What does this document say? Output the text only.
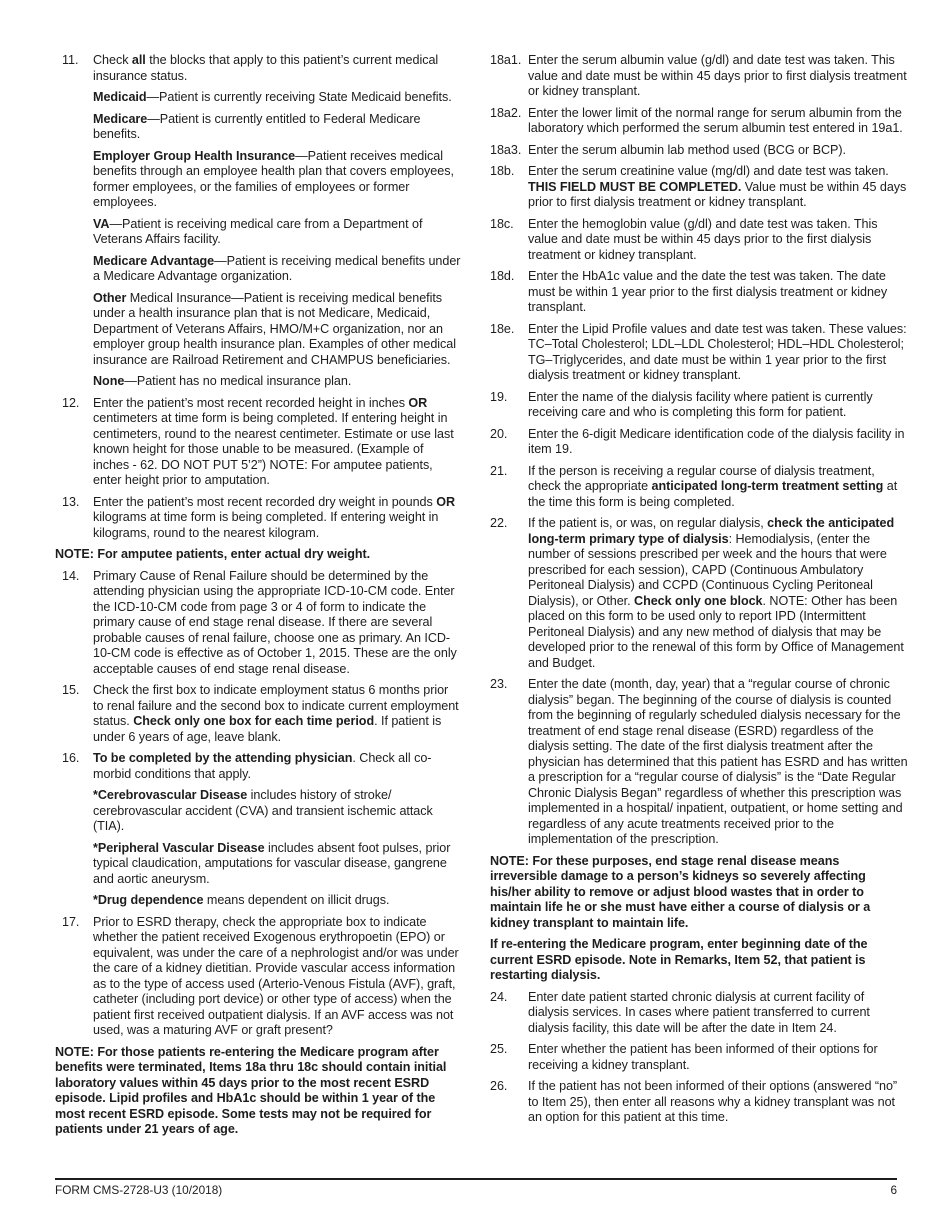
11. Check all the blocks that apply to this patient’s current medical insurance status.
Medicaid—Patient is currently receiving State Medicaid benefits.
Medicare—Patient is currently entitled to Federal Medicare benefits.
Employer Group Health Insurance—Patient receives medical benefits through an employee health plan that covers employees, former employees, or the families of employees or former employees.
VA—Patient is receiving medical care from a Department of Veterans Affairs facility.
Medicare Advantage—Patient is receiving medical benefits under a Medicare Advantage organization.
Other Medical Insurance—Patient is receiving medical benefits under a health insurance plan that is not Medicare, Medicaid, Department of Veterans Affairs, HMO/M+C organization, nor an employer group health insurance plan. Examples of other medical insurance are Railroad Retirement and CHAMPUS beneficiaries.
None—Patient has no medical insurance plan.
12. Enter the patient’s most recent recorded height in inches OR centimeters at time form is being completed. If entering height in centimeters, round to the nearest centimeter. Estimate or use last known height for those unable to be measured. (Example of inches - 62. DO NOT PUT 5’2”) NOTE: For amputee patients, enter height prior to amputation.
13. Enter the patient’s most recent recorded dry weight in pounds OR kilograms at time form is being completed. If entering weight in kilograms, round to the nearest kilogram.
NOTE: For amputee patients, enter actual dry weight.
14. Primary Cause of Renal Failure should be determined by the attending physician using the appropriate ICD-10-CM code. Enter the ICD-10-CM code from page 3 or 4 of form to indicate the primary cause of end stage renal disease. If there are several probable causes of renal failure, choose one as primary. An ICD-10-CM code is effective as of October 1, 2015. These are the only acceptable causes of end stage renal disease.
15. Check the first box to indicate employment status 6 months prior to renal failure and the second box to indicate current employment status. Check only one box for each time period. If patient is under 6 years of age, leave blank.
16. To be completed by the attending physician. Check all co-morbid conditions that apply.
*Cerebrovascular Disease includes history of stroke/ cerebrovascular accident (CVA) and transient ischemic attack (TIA).
*Peripheral Vascular Disease includes absent foot pulses, prior typical claudication, amputations for vascular disease, gangrene and aortic aneurysm.
*Drug dependence means dependent on illicit drugs.
17. Prior to ESRD therapy, check the appropriate box to indicate whether the patient received Exogenous erythropoetin (EPO) or equivalent, was under the care of a nephrologist and/or was under the care of a kidney dietitian. Provide vascular access information as to the type of access used (Arterio-Venous Fistula (AVF), graft, catheter (including port device) or other type of access) when the patient first received outpatient dialysis. If an AVF access was not used, was a maturing AVF or graft present?
NOTE: For those patients re-entering the Medicare program after benefits were terminated, Items 18a thru 18c should contain initial laboratory values within 45 days prior to the most recent ESRD episode. Lipid profiles and HbA1c should be within 1 year of the most recent ESRD episode. Some tests may not be required for patients under 21 years of age.
18a1. Enter the serum albumin value (g/dl) and date test was taken. This value and date must be within 45 days prior to first dialysis treatment or kidney transplant.
18a2. Enter the lower limit of the normal range for serum albumin from the laboratory which performed the serum albumin test entered in 19a1.
18a3. Enter the serum albumin lab method used (BCG or BCP).
18b. Enter the serum creatinine value (mg/dl) and date test was taken. THIS FIELD MUST BE COMPLETED. Value must be within 45 days prior to first dialysis treatment or kidney transplant.
18c. Enter the hemoglobin value (g/dl) and date test was taken. This value and date must be within 45 days prior to the first dialysis treatment or kidney transplant.
18d. Enter the HbA1c value and the date the test was taken. The date must be within 1 year prior to the first dialysis treatment or kidney transplant.
18e. Enter the Lipid Profile values and date test was taken. These values: TC–Total Cholesterol; LDL–LDL Cholesterol; HDL–HDL Cholesterol; TG–Triglycerides, and date must be within 1 year prior to the first dialysis treatment or kidney transplant.
19. Enter the name of the dialysis facility where patient is currently receiving care and who is completing this form for patient.
20. Enter the 6-digit Medicare identification code of the dialysis facility in item 19.
21. If the person is receiving a regular course of dialysis treatment, check the appropriate anticipated long-term treatment setting at the time this form is being completed.
22. If the patient is, or was, on regular dialysis, check the anticipated long-term primary type of dialysis: Hemodialysis, (enter the number of sessions prescribed per week and the hours that were prescribed for each session), CAPD (Continuous Ambulatory Peritoneal Dialysis) and CCPD (Continuous Cycling Peritoneal Dialysis), or Other. Check only one block. NOTE: Other has been placed on this form to be used only to report IPD (Intermittent Peritoneal Dialysis) and any new method of dialysis that may be developed prior to the renewal of this form by Office of Management and Budget.
23. Enter the date (month, day, year) that a “regular course of chronic dialysis” began. The beginning of the course of dialysis is counted from the beginning of regularly scheduled dialysis necessary for the treatment of end stage renal disease (ESRD) regardless of the dialysis setting. The date of the first dialysis treatment after the physician has determined that this patient has ESRD and has written a prescription for a “regular course of dialysis” is the “Date Regular Chronic Dialysis Began” regardless of whether this prescription was implemented in a hospital/ inpatient, outpatient, or home setting and regardless of any acute treatments received prior to the implementation of the prescription.
NOTE: For these purposes, end stage renal disease means irreversible damage to a person’s kidneys so severely affecting his/her ability to remove or adjust blood wastes that in order to maintain life he or she must have either a course of dialysis or a kidney transplant to maintain life.
If re-entering the Medicare program, enter beginning date of the current ESRD episode. Note in Remarks, Item 52, that patient is restarting dialysis.
24. Enter date patient started chronic dialysis at current facility of dialysis services. In cases where patient transferred to current dialysis facility, this date will be after the date in Item 24.
25. Enter whether the patient has been informed of their options for receiving a kidney transplant.
26. If the patient has not been informed of their options (answered “no” to Item 25), then enter all reasons why a kidney transplant was not an option for this patient at this time.
FORM CMS-2728-U3 (10/2018)	6
